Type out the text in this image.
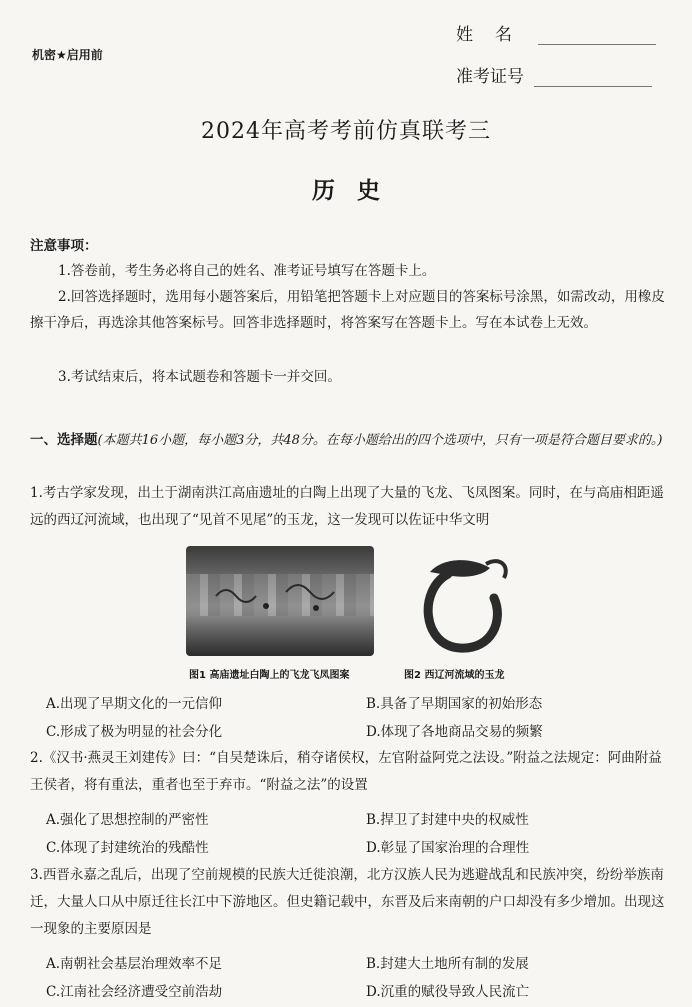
机密★启用前
姓名
准考证号
2024年高考考前仿真联考三
历史
注意事项：
1.答卷前，考生务必将自己的姓名、准考证号填写在答题卡上。
2.回答选择题时，选用每小题答案后，用铅笔把答题卡上对应题目的答案标号涂黑，如需改动，用橡皮擦干净后，再选涂其他答案标号。回答非选择题时，将答案写在答题卡上。写在本试卷上无效。
3.考试结束后，将本试题卷和答题卡一并交回。
一、选择题(本题共16小题，每小题3分，共48分。在每小题给出的四个选项中，只有一项是符合题目要求的。)
1.考古学家发现，出土于湖南洪江高庙遗址的白陶上出现了大量的飞龙、飞凤图案。同时，在与高庙相距遥远的西辽河流域，也出现了“见首不见尾”的玉龙，这一发现可以佐证中华文明
图1 高庙遗址白陶上的飞龙飞凤图案	图2 西辽河流域的玉龙
A.出现了早期文化的一元信仰	B.具备了早期国家的初始形态
C.形成了极为明显的社会分化	D.体现了各地商品交易的频繁
2.《汉书·燕灵王刘建传》曰：“自吴楚诛后，稍夺诸侯权，左官附益阿党之法设。”附益之法规定：阿曲附益王侯者，将有重法，重者也至于弃市。“附益之法”的设置
A.强化了思想控制的严密性	B.捍卫了封建中央的权威性
C.体现了封建统治的残酷性	D.彰显了国家治理的合理性
3.西晋永嘉之乱后，出现了空前规模的民族大迁徙浪潮，北方汉族人民为逃避战乱和民族冲突，纷纷举族南迁，大量人口从中原迁往长江中下游地区。但史籍记载中，东晋及后来南朝的户口却没有多少增加。出现这一现象的主要原因是
A.南朝社会基层治理效率不足	B.封建大土地所有制的发展
C.江南社会经济遭受空前浩劫	D.沉重的赋役导致人民流亡
